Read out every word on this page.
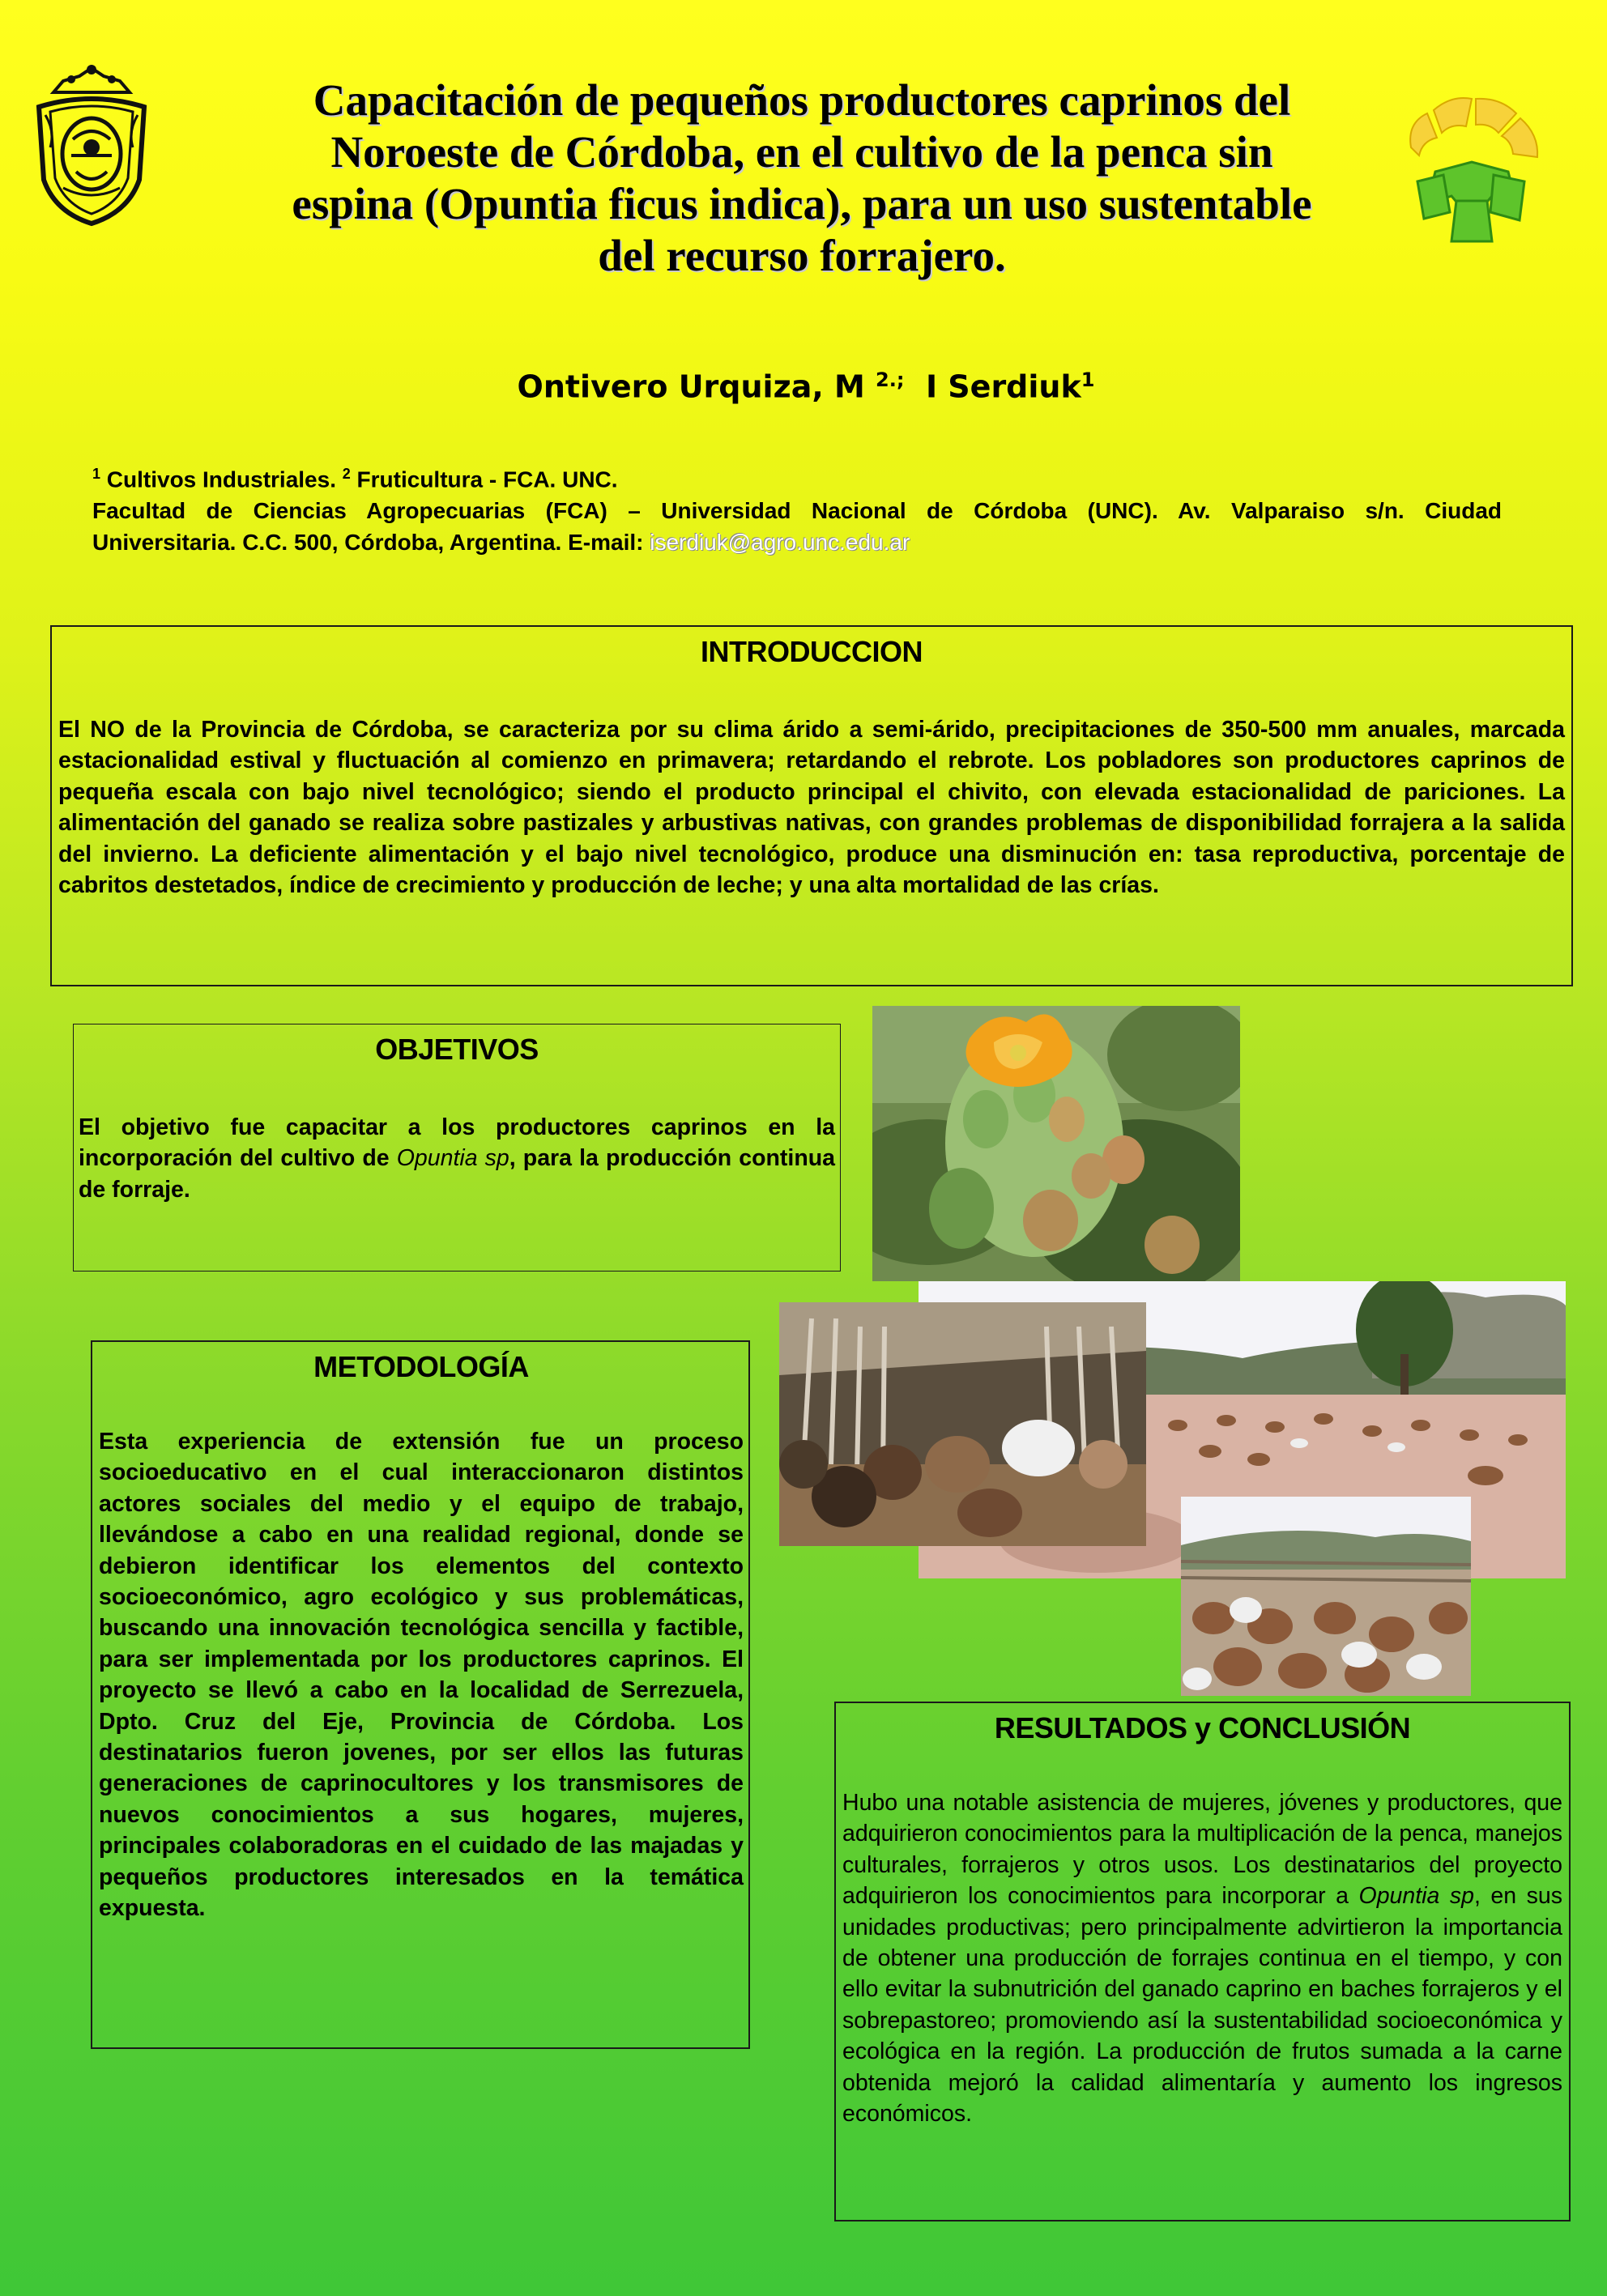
Capacitación de pequeños productores caprinos del
Noroeste de Córdoba, en el cultivo de la penca sin
espina (Opuntia ficus indica), para un uso sustentable
del recurso forrajero.
Ontivero Urquiza, M $^{2.;}$ I Serdiuk$^1$
$^1$ Cultivos Industriales. $^2$ Fruticultura - FCA. UNC.
Facultad de Ciencias Agropecuarias (FCA) – Universidad Nacional de Córdoba (UNC). Av. Valparaiso s/n. Ciudad
Universitaria. C.C. 500, Córdoba, Argentina. E-mail: iserdiuk@agro.unc.edu.ar
INTRODUCCION

El NO de la Provincia de Córdoba, se caracteriza por su clima árido a semi-árido, precipitaciones de 350-500 mm anuales, marcada estacionalidad estival y fluctuación al comienzo en primavera; retardando el rebrote. Los pobladores son productores caprinos de pequeña escala con bajo nivel tecnológico; siendo el producto principal el chivito, con elevada estacionalidad de pariciones. La alimentación del ganado se realiza sobre pastizales y arbustivas nativas, con grandes problemas de disponibilidad forrajera a la salida del invierno. La deficiente alimentación y el bajo nivel tecnológico, produce una disminución en: tasa reproductiva, porcentaje de cabritos destetados, índice de crecimiento y producción de leche; y una alta mortalidad de las crías.

OBJETIVOS

El objetivo fue capacitar a los productores caprinos en la incorporación del cultivo de Opuntia sp, para la producción continua de forraje.

METODOLOGÍA

Esta experiencia de extensión fue un proceso socioeducativo en el cual interaccionaron distintos actores sociales del medio y el equipo de trabajo, llevándose a cabo en una realidad regional, donde se debieron identificar los elementos del contexto socioeconómico, agro ecológico y sus problemáticas, buscando una innovación tecnológica sencilla y factible, para ser implementada por los productores caprinos. El proyecto se llevó a cabo en la localidad de Serrezuela, Dpto. Cruz del Eje, Provincia de Córdoba. Los destinatarios fueron jovenes, por ser ellos las futuras generaciones de caprinocultores y los transmisores de nuevos conocimientos a sus hogares, mujeres, principales colaboradoras en el cuidado de las majadas y pequeños productores interesados en la temática expuesta.

RESULTADOS y CONCLUSIÓN

Hubo una notable asistencia de mujeres, jóvenes y productores, que adquirieron conocimientos para la multiplicación de la penca, manejos culturales, forrajeros y otros usos. Los destinatarios del proyecto adquirieron los conocimientos para incorporar a Opuntia sp, en sus unidades productivas; pero principalmente advirtieron la importancia de obtener una producción de forrajes continua en el tiempo, y con ello evitar la subnutrición del ganado caprino en baches forrajeros y el sobrepastoreo; promoviendo así la sustentabilidad socioeconómica y ecológica en la región. La producción de frutos sumada a la carne obtenida mejoró la calidad alimentaría y aumento los ingresos económicos.
